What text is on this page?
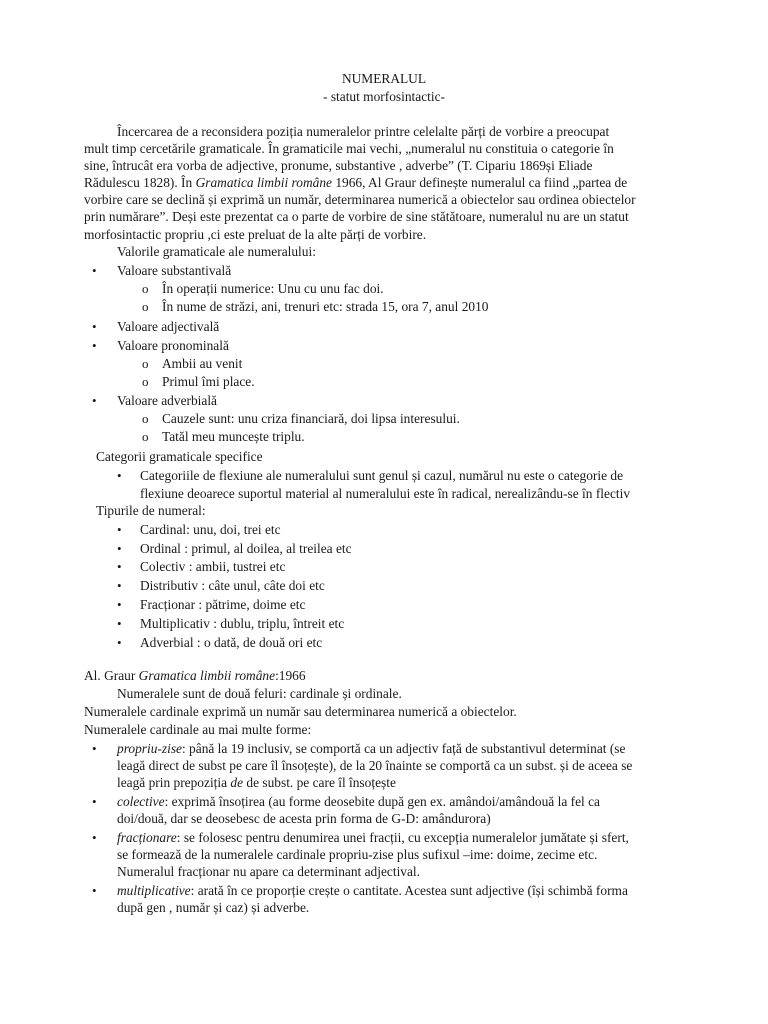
NUMERALUL
- statut morfosintactic-
Încercarea de a reconsidera poziția numeralelor printre celelalte părți de vorbire a preocupat
mult timp cercetările gramaticale. În gramaticile mai vechi, „numeralul nu constituia o categorie în
sine, întrucât era vorba de adjective, pronume, substantive , adverbe” (T. Cipariu 1869și Eliade
Rădulescu 1828). În Gramatica limbii române 1966, Al Graur definește numeralul ca fiind „partea de
vorbire care se declină și exprimă un număr, determinarea numerică a obiectelor sau ordinea obiectelor
prin numărare”. Deși este prezentat ca o parte de vorbire de sine stătătoare, numeralul nu are un statut
morfosintactic propriu ,ci este preluat de la alte părți de vorbire.
Valorile gramaticale ale numeralului:
• Valoare substantivală
o În operații numerice: Unu cu unu fac doi.
o În nume de străzi, ani, trenuri etc: strada 15, ora 7, anul 2010
• Valoare adjectivală
• Valoare pronominală
o Ambii au venit
o Primul îmi place.
• Valoare adverbială
o Cauzele sunt: unu criza financiară, doi lipsa interesului.
o Tatăl meu muncește triplu.
Categorii gramaticale specifice
• Categoriile de flexiune ale numeralului sunt genul și cazul, numărul nu este o categorie de
flexiune deoarece suportul material al numeralului este în radical, nerealizându-se în flectiv
Tipurile de numeral:
• Cardinal: unu, doi, trei etc
• Ordinal : primul, al doilea, al treilea etc
• Colectiv : ambii, tustrei etc
• Distributiv : câte unul, câte doi etc
• Fracționar : pătrime, doime etc
• Multiplicativ : dublu, triplu, întreit etc
• Adverbial : o dată, de două ori etc
Al. Graur Gramatica limbii române:1966
Numeralele sunt de două feluri: cardinale și ordinale.
Numeralele cardinale exprimă un număr sau determinarea numerică a obiectelor.
Numeralele cardinale au mai multe forme:
• propriu-zise: până la 19 inclusiv, se comportă ca un adjectiv față de substantivul determinat (se
leagă direct de subst pe care îl însoțește), de la 20 înainte se comportă ca un subst. și de aceea se
leagă prin prepoziția de de subst. pe care îl însoțește
• colective: exprimă însoțirea (au forme deosebite după gen ex. amândoi/amândouă la fel ca
doi/două, dar se deosebesc de acesta prin forma de G-D: amândurora)
• fracționare: se folosesc pentru denumirea unei fracții, cu excepția numeralelor jumătate și sfert,
se formează de la numeralele cardinale propriu-zise plus sufixul –ime: doime, zecime etc.
Numeralul fracționar nu apare ca determinant adjectival.
• multiplicative: arată în ce proporție crește o cantitate. Acestea sunt adjective (își schimbă forma
după gen , număr și caz) și adverbe.
